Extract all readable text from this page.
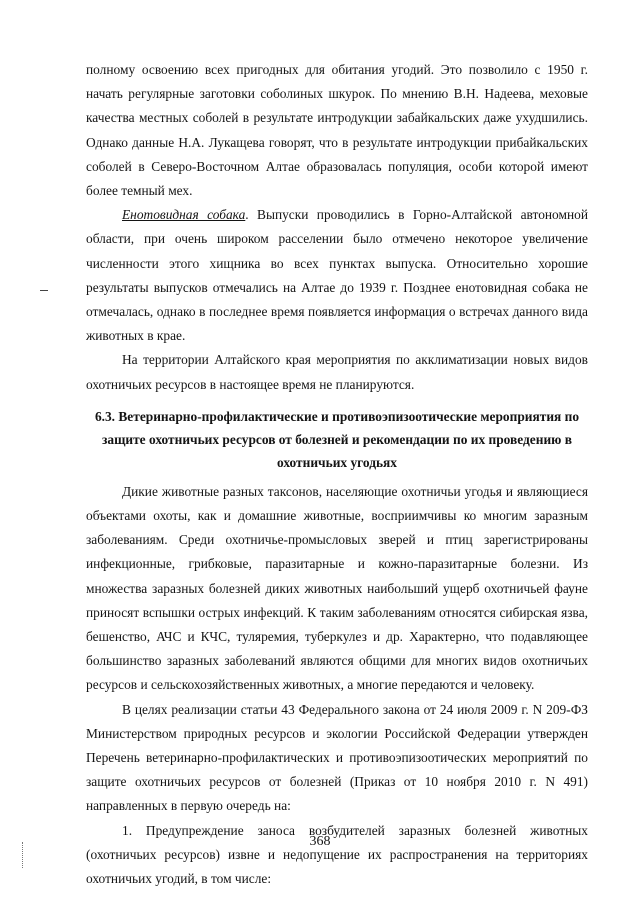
полному освоению всех пригодных для обитания угодий. Это позволило с 1950 г. начать регулярные заготовки соболиных шкурок. По мнению В.Н. Надеева, меховые качества местных соболей в результате интродукции забайкальских даже ухудшились. Однако данные Н.А. Лукащева говорят, что в результате интродукции прибайкальских соболей в Северо-Восточном Алтае образовалась популяция, особи которой имеют более темный мех.

Енотовидная собака. Выпуски проводились в Горно-Алтайской автономной области, при очень широком расселении было отмечено некоторое увеличение численности этого хищника во всех пунктах выпуска. Относительно хорошие результаты выпусков отмечались на Алтае до 1939 г. Позднее енотовидная собака не отмечалась, однако в последнее время появляется информация о встречах данного вида животных в крае.

На территории Алтайского края мероприятия по акклиматизации новых видов охотничьих ресурсов в настоящее время не планируются.

6.3. Ветеринарно-профилактические и противоэпизоотические мероприятия по защите охотничьих ресурсов от болезней и рекомендации по их проведению в охотничьих угодьях

Дикие животные разных таксонов, населяющие охотничьи угодья и являющиеся объектами охоты, как и домашние животные, восприимчивы ко многим заразным заболеваниям. Среди охотничье-промысловых зверей и птиц зарегистрированы инфекционные, грибковые, паразитарные и кожно-паразитарные болезни. Из множества заразных болезней диких животных наибольший ущерб охотничьей фауне приносят вспышки острых инфекций. К таким заболеваниям относятся сибирская язва, бешенство, АЧС и КЧС, туляремия, туберкулез и др. Характерно, что подавляющее большинство заразных заболеваний являются общими для многих видов охотничьих ресурсов и сельскохозяйственных животных, а многие передаются и человеку.

В целях реализации статьи 43 Федерального закона от 24 июля 2009 г. N 209-ФЗ Министерством природных ресурсов и экологии Российской Федерации утвержден Перечень ветеринарно-профилактических и противоэпизоотических мероприятий по защите охотничьих ресурсов от болезней (Приказ от 10 ноября 2010 г. N 491) направленных в первую очередь на:

1. Предупреждение заноса возбудителей заразных болезней животных (охотничьих ресурсов) извне и недопущение их распространения на территориях охотничьих угодий, в том числе:

368
